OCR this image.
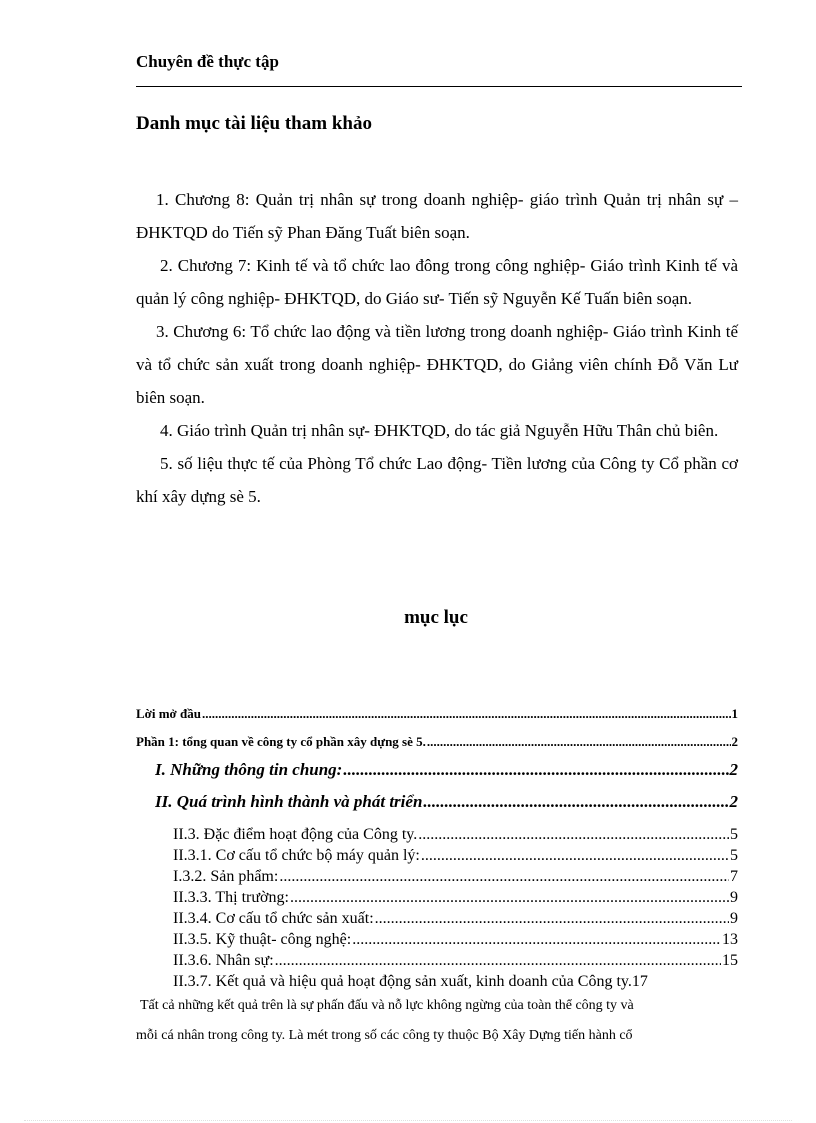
Chuyên đề thực tập
Danh mục tài liệu tham khảo

1. Chương 8: Quản trị nhân sự trong doanh nghiệp- giáo trình Quản trị nhân sự – ĐHKTQD do Tiến sỹ Phan Đăng Tuất biên soạn.

2. Chương 7: Kinh tế và tổ chức lao đông trong công nghiệp- Giáo trình Kinh tế và quản lý công nghiệp- ĐHKTQD, do Giáo sư- Tiến sỹ Nguyễn Kế Tuấn biên soạn.

3. Chương 6: Tổ chức lao động và tiền lương trong doanh nghiệp- Giáo trình Kinh tế và tổ chức sản xuất trong doanh nghiệp- ĐHKTQD, do Giảng viên chính Đỗ Văn Lư biên soạn.

4. Giáo trình Quản trị nhân sự- ĐHKTQD, do tác giả Nguyễn Hữu Thân chủ biên.

5. số liệu thực tế của Phòng Tổ chức Lao động- Tiền lương của Công ty Cổ phần cơ khí xây dựng sè 5.

mục lục
Lời mở đầu .....	1
Phần 1: tổng quan về công ty cổ phần xây dựng sè 5. .....	2
I. Những thông tin chung: .....	2
II. Quá trình hình thành và phát triển .....	2
II.3. Đặc điểm hoạt động của Công ty. .....	5
II.3.1. Cơ cấu tổ chức bộ máy quản lý: .....	5
I.3.2. Sản phẩm: .....	7
II.3.3. Thị trường: .....	9
II.3.4. Cơ cấu tổ chức sản xuất: .....	9
II.3.5. Kỹ thuật- công nghệ: .....	13
II.3.6. Nhân sự: .....	15
II.3.7. Kết quả và hiệu quả hoạt động sản xuất, kinh doanh của Công ty. 17
Tất cả những kết quả trên là sự phấn đấu và nỗ lực không ngừng của toàn thể công ty và
mỗi cá nhân trong công ty. Là mét trong số các công ty thuộc Bộ Xây Dựng tiến hành cổ
